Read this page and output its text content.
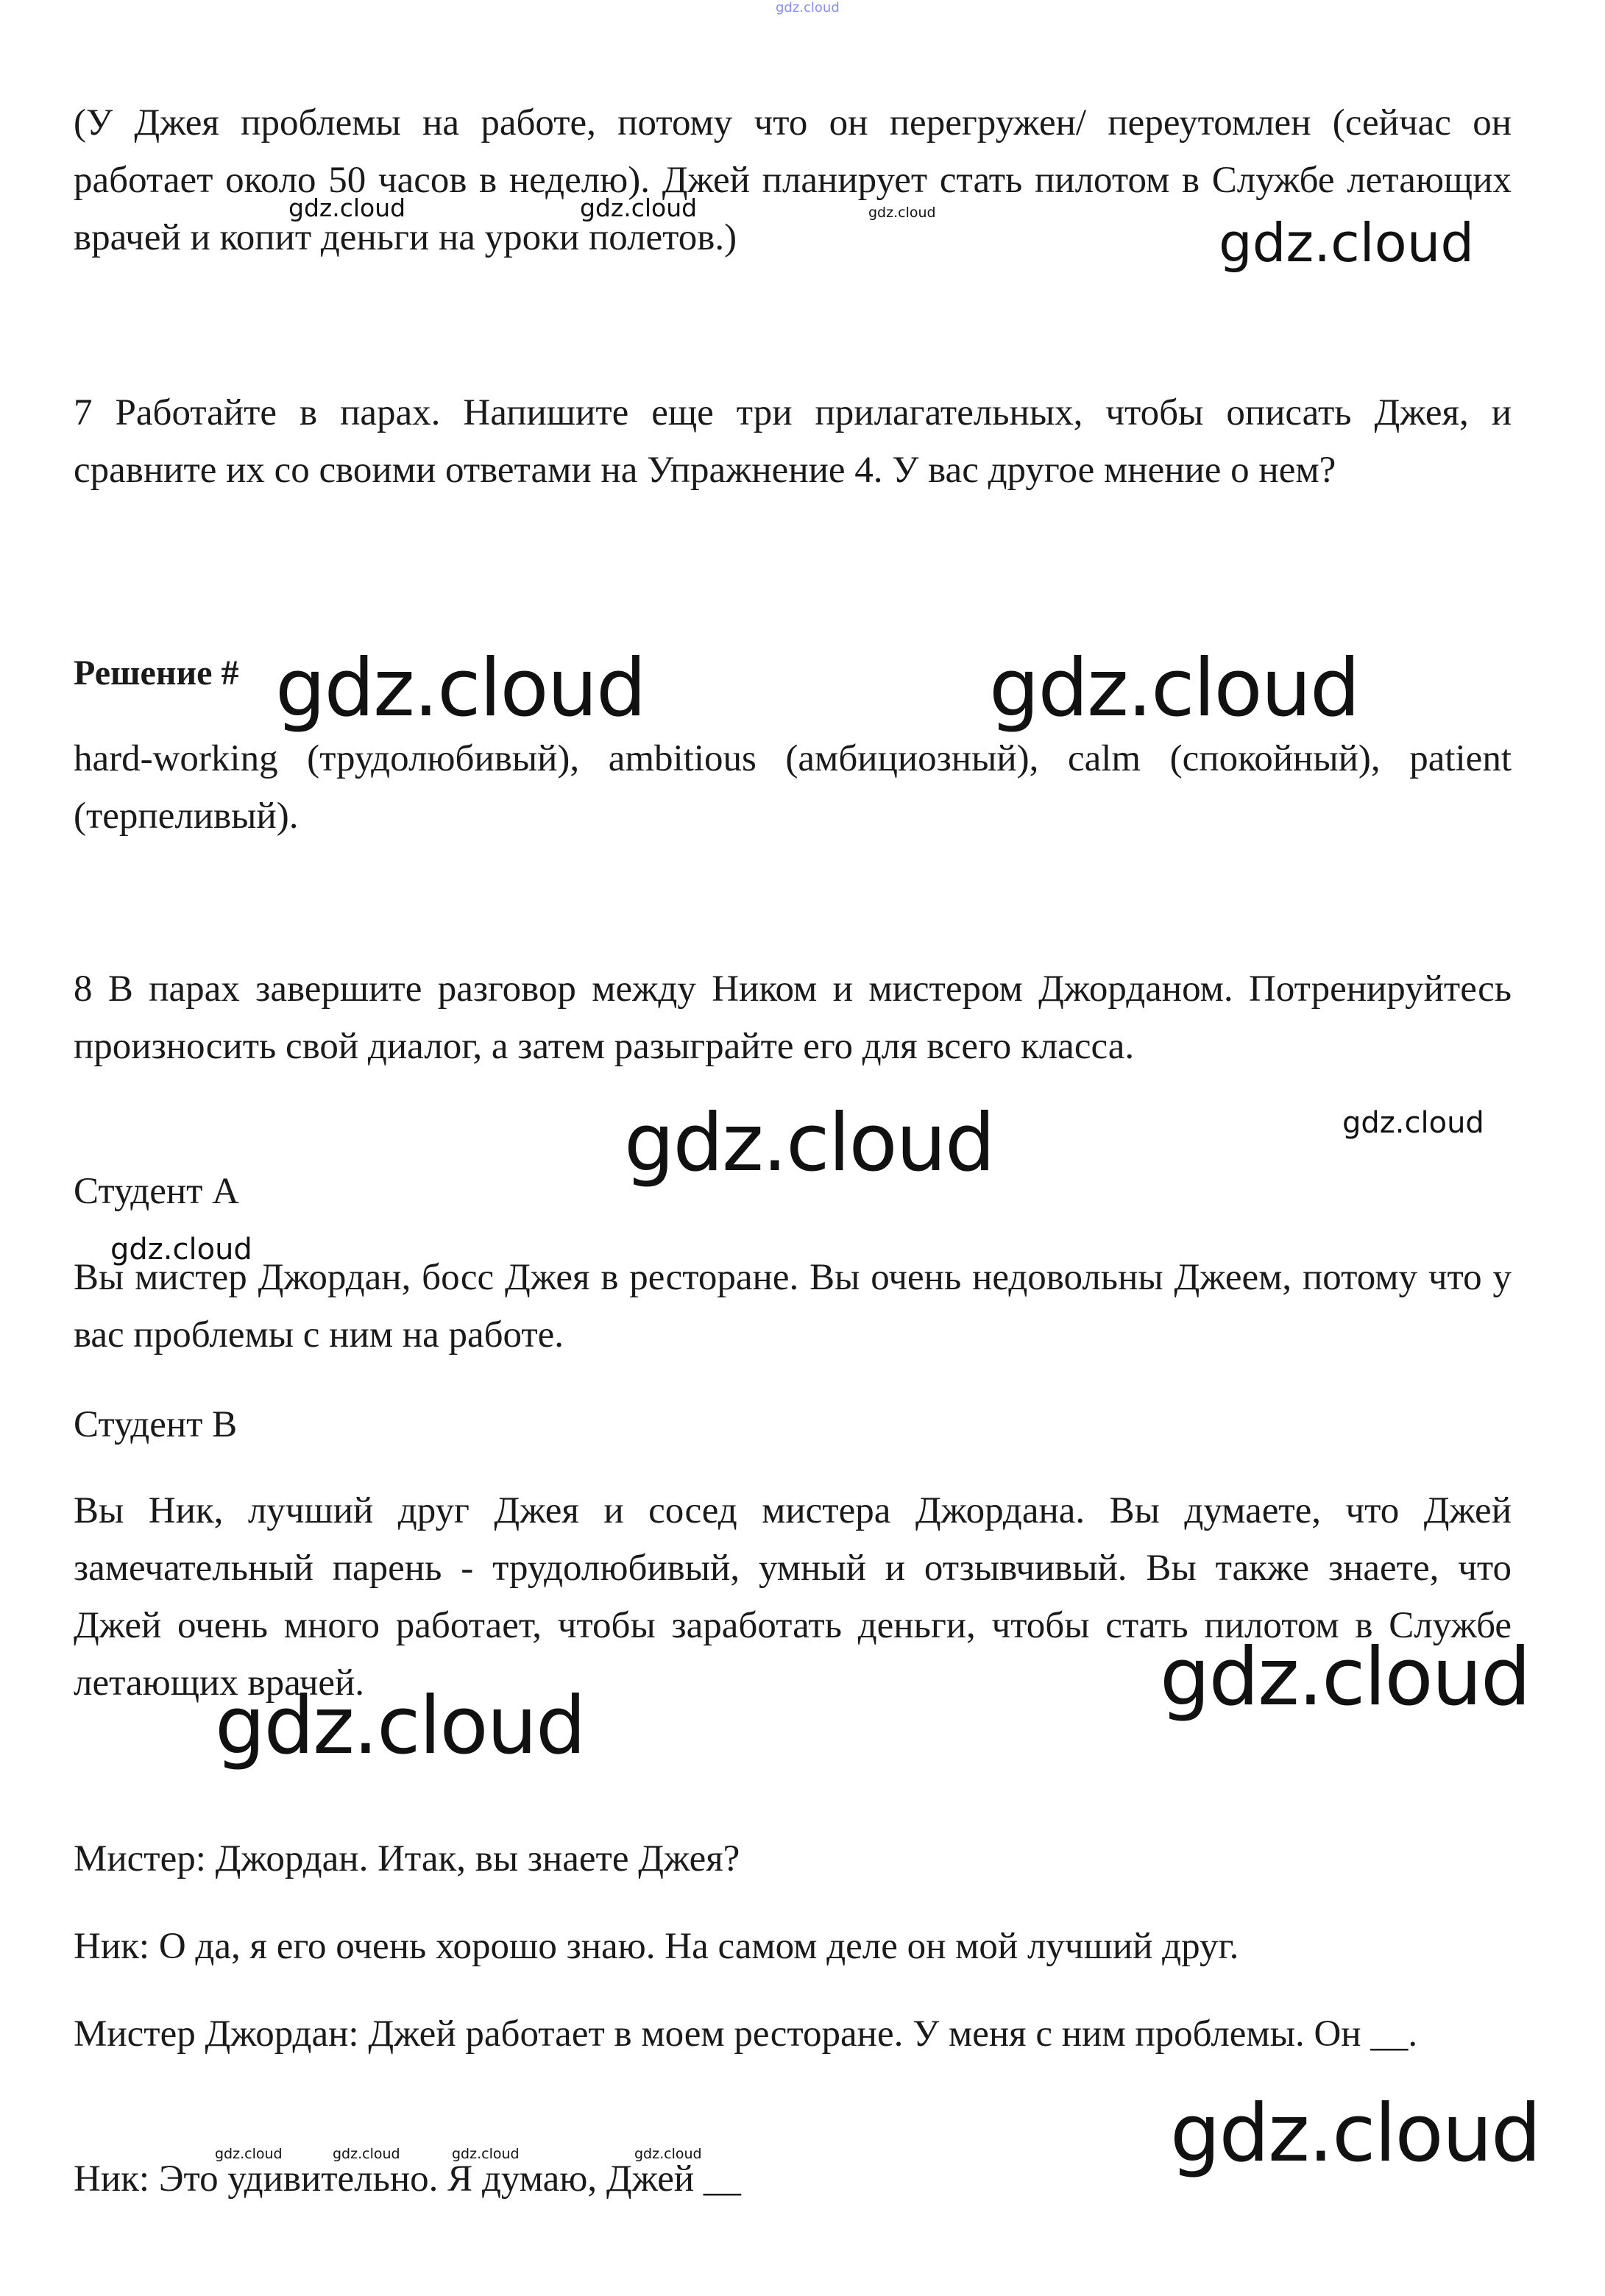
gdz.cloud

(У Джея проблемы на работе, потому что он перегружен/ переутомлен (сейчас он работает около 50 часов в неделю). Джей планирует стать пилотом в Службе летающих врачей и копит деньги на уроки полетов.)

7 Работайте в парах. Напишите еще три прилагательных, чтобы описать Джея, и сравните их со своими ответами на Упражнение 4. У вас другое мнение о нем?

Решение #

hard-working (трудолюбивый), ambitious (амбициозный), calm (спокойный), patient (терпеливый).

8 В парах завершите разговор между Ником и мистером Джорданом. Потренируйтесь произносить свой диалог, а затем разыграйте его для всего класса.

Студент А

Вы мистер Джордан, босс Джея в ресторане. Вы очень недовольны Джеем, потому что у вас проблемы с ним на работе.

Студент В

Вы Ник, лучший друг Джея и сосед мистера Джордана. Вы думаете, что Джей замечательный парень - трудолюбивый, умный и отзывчивый. Вы также знаете, что Джей очень много работает, чтобы заработать деньги, чтобы стать пилотом в Службе летающих врачей.

Мистер: Джордан. Итак, вы знаете Джея?

Ник: О да, я его очень хорошо знаю. На самом деле он мой лучший друг.

Мистер Джордан: Джей работает в моем ресторане. У меня с ним проблемы. Он __.

Ник: Это удивительно. Я думаю, Джей __

gdz.cloud	gdz.cloud	gdz.cloud	gdz.cloud
gdz.cloud	gdz.cloud
gdz.cloud	gdz.cloud
gdz.cloud
gdz.cloud
gdz.cloud
gdz.cloud	gdz.cloud	gdz.cloud	gdz.cloud	gdz.cloud
